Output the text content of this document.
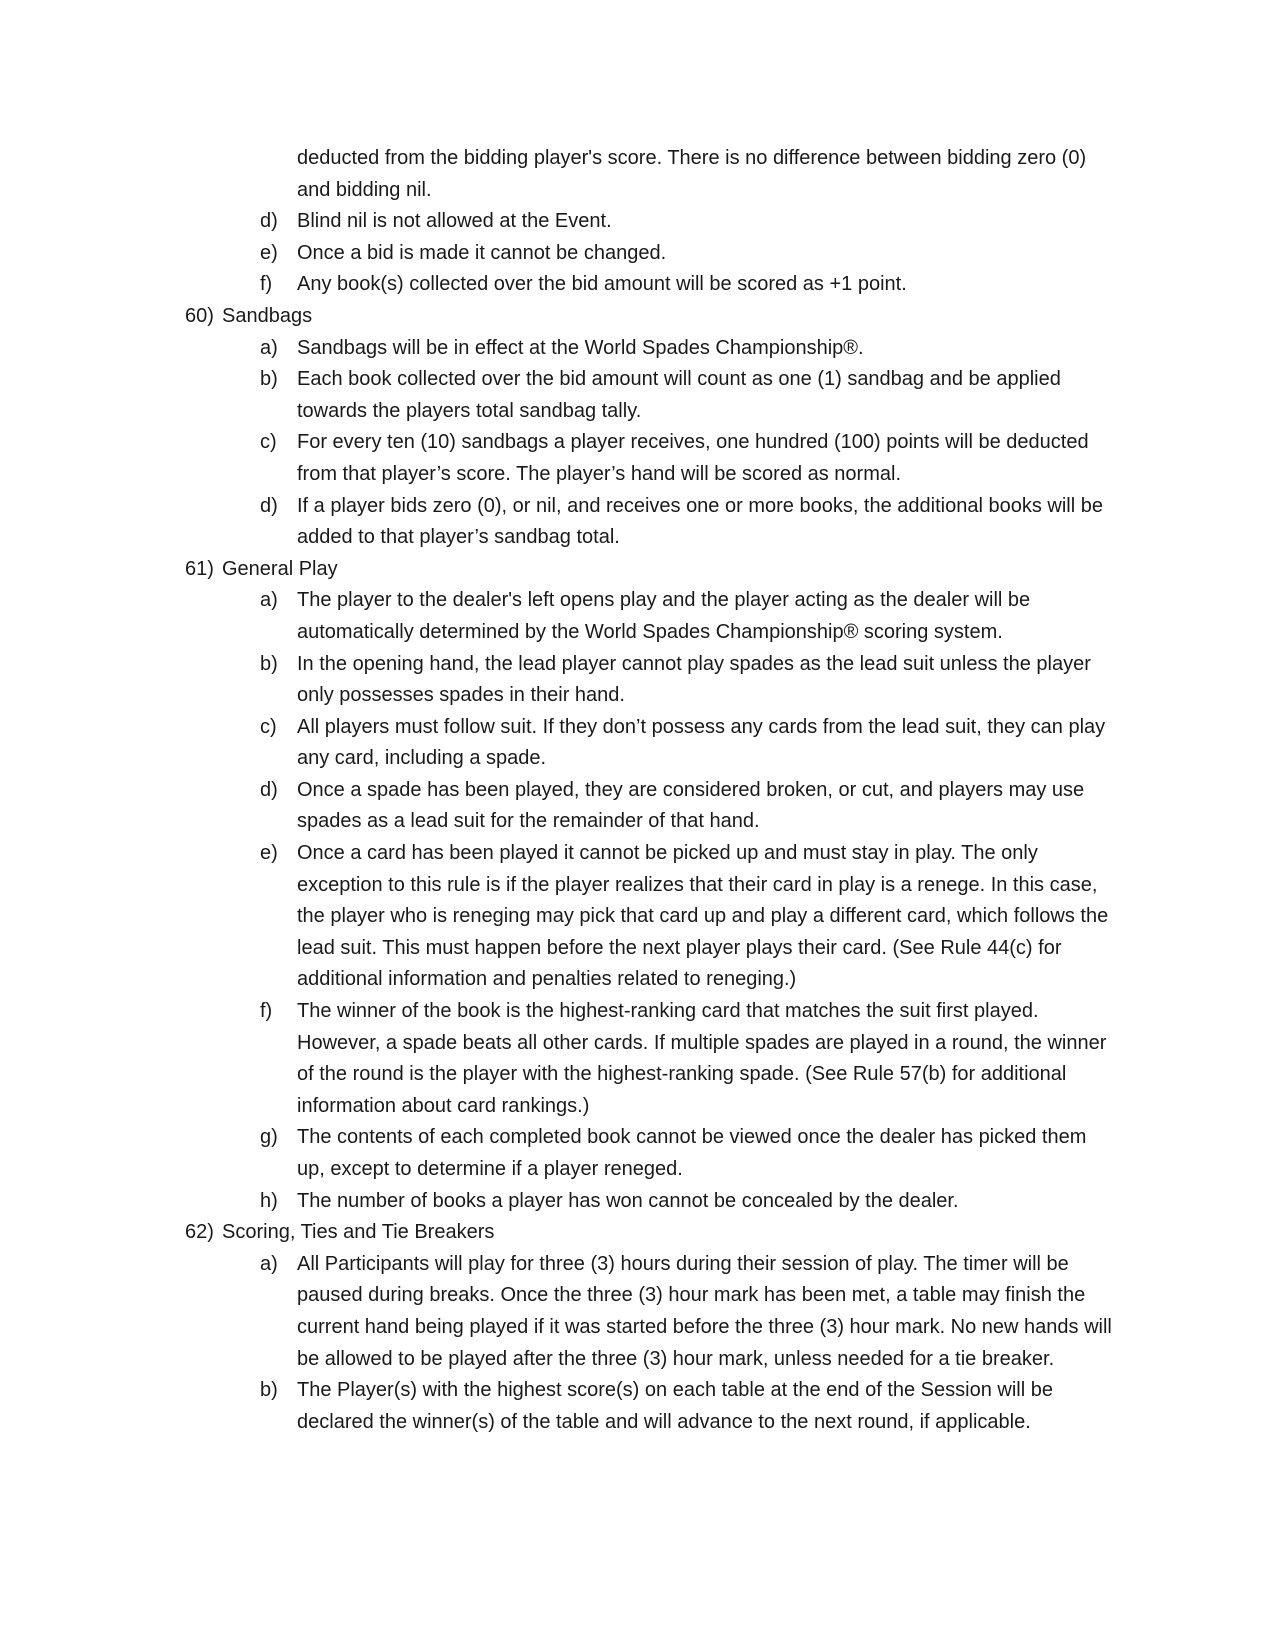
deducted from the bidding player's score. There is no difference between bidding zero (0) and bidding nil.

d) Blind nil is not allowed at the Event.
e) Once a bid is made it cannot be changed.
f)	Any book(s) collected over the bid amount will be scored as +1 point.
60) Sandbags
a) Sandbags will be in effect at the World Spades Championship®.
b) Each book collected over the bid amount will count as one (1) sandbag and be applied towards the players total sandbag tally.
c)	For every ten (10) sandbags a player receives, one hundred (100) points will be deducted from that player’s score. The player’s hand will be scored as normal.
d) If a player bids zero (0), or nil, and receives one or more books, the additional books will be added to that player’s sandbag total.
61) General Play
a) The player to the dealer's left opens play and the player acting as the dealer will be automatically determined by the World Spades Championship® scoring system.
b) In the opening hand, the lead player cannot play spades as the lead suit unless the player only possesses spades in their hand.
c)	All players must follow suit. If they don’t possess any cards from the lead suit, they can play any card, including a spade.
d) Once a spade has been played, they are considered broken, or cut, and players may use spades as a lead suit for the remainder of that hand.
e) Once a card has been played it cannot be picked up and must stay in play. The only exception to this rule is if the player realizes that their card in play is a renege. In this case, the player who is reneging may pick that card up and play a different card, which follows the lead suit. This must happen before the next player plays their card. (See Rule 44(c) for additional information and penalties related to reneging.)
f)	The winner of the book is the highest-ranking card that matches the suit first played. However, a spade beats all other cards. If multiple spades are played in a round, the winner of the round is the player with the highest-ranking spade. (See Rule 57(b) for additional information about card rankings.)
g) The contents of each completed book cannot be viewed once the dealer has picked them up, except to determine if a player reneged.
h) The number of books a player has won cannot be concealed by the dealer.
62) Scoring, Ties and Tie Breakers
a) All Participants will play for three (3) hours during their session of play. The timer will be paused during breaks. Once the three (3) hour mark has been met, a table may finish the current hand being played if it was started before the three (3) hour mark. No new hands will be allowed to be played after the three (3) hour mark, unless needed for a tie breaker.
b) The Player(s) with the highest score(s) on each table at the end of the Session will be declared the winner(s) of the table and will advance to the next round, if applicable.
